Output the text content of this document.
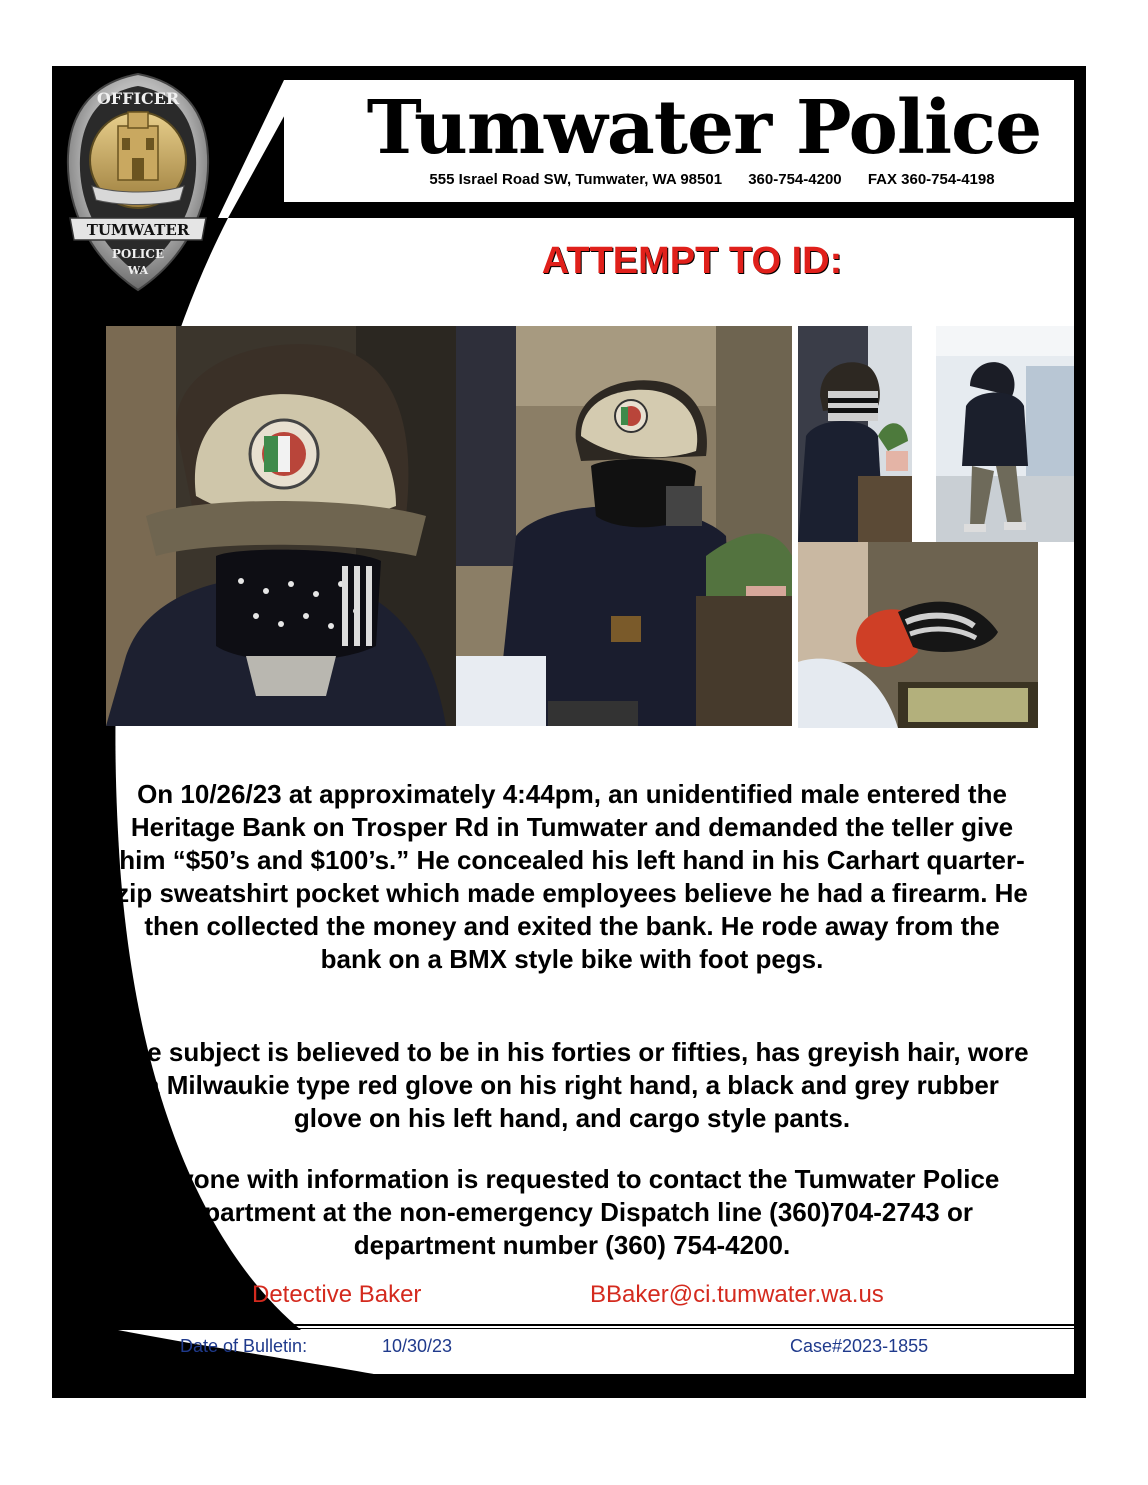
OFFICER
TUMWATER
POLICE
WA
Tumwater Police
555 Israel Road SW, Tumwater, WA 98501 360-754-4200 FAX 360-754-4198
ATTEMPT TO ID:
On 10/26/23 at approximately 4:44pm, an unidentified male entered the Heritage Bank on Trosper Rd in Tumwater and demanded the teller give him “$50’s and $100’s.” He concealed his left hand in his Carhart quarter-zip sweatshirt pocket which made employees believe he had a firearm. He then collected the money and exited the bank. He rode away from the bank on a BMX style bike with foot pegs.
The subject is believed to be in his forties or fifties, has greyish hair, wore a Milwaukie type red glove on his right hand, a black and grey rubber glove on his left hand, and cargo style pants.
Anyone with information is requested to contact the Tumwater Police Department at the non-emergency Dispatch line (360)704-2743 or department number (360) 754-4200.
Detective Baker	BBaker@ci.tumwater.wa.us
Date of Bulletin:	10/30/23	Case#2023-1855
